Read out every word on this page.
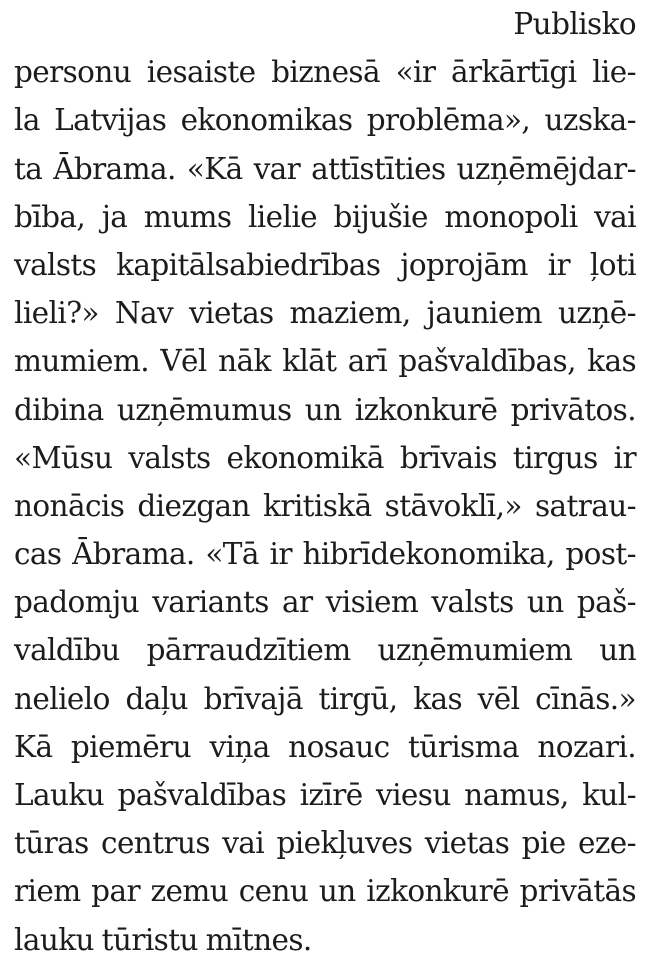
Publisko
personu iesaiste biznesā «ir ārkārtīgi lie-
la Latvijas ekonomikas problēma», uzska-
ta Ābrama. «Kā var attīstīties uzņēmējdar-
bība, ja mums lielie bijušie monopoli vai
valsts kapitālsabiedrības joprojām ir ļoti
lieli?» Nav vietas maziem, jauniem uzņē-
mumiem. Vēl nāk klāt arī pašvaldības, kas
dibina uzņēmumus un izkonkurē privātos.
«Mūsu valsts ekonomikā brīvais tirgus ir
nonācis diezgan kritiskā stāvoklī,» satrau-
cas Ābrama. «Tā ir hibrīdekonomika, post-
padomju variants ar visiem valsts un paš-
valdību pārraudzītiem uzņēmumiem un
nelielo daļu brīvajā tirgū, kas vēl cīnās.»
Kā piemēru viņa nosauc tūrisma nozari.
Lauku pašvaldības izīrē viesu namus, kul-
tūras centrus vai piekļuves vietas pie eze-
riem par zemu cenu un izkonkurē privātās
lauku tūristu mītnes.
